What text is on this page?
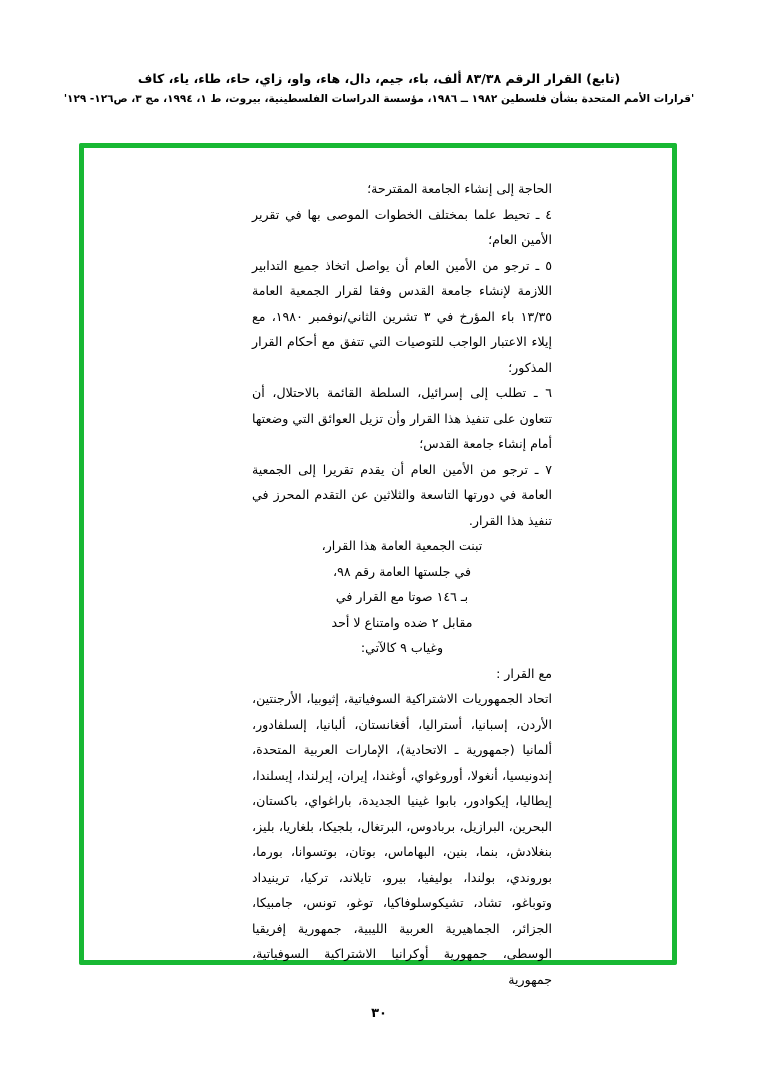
(تابع) القرار الرقم ٨٣/٣٨ ألف، باء، جيم، دال، هاء، واو، زاي، حاء، طاء، ياء، كاف
'قرارات الأمم المتحدة بشأن فلسطين ١٩٨٢ ــ ١٩٨٦، مؤسسة الدراسات الفلسطينية، بيروت، ط ١، ١٩٩٤، مج ٣، ص١٢٦- ١٢٩'

الحاجة إلى إنشاء الجامعة المقترحة؛

٤ ـ تحيط علما بمختلف الخطوات الموصى بها في تقرير الأمين العام؛

٥ ـ ترجو من الأمين العام أن يواصل اتخاذ جميع التدابير اللازمة لإنشاء جامعة القدس وفقا لقرار الجمعية العامة ١٣/٣٥ باء المؤرخ في ٣ تشرين الثاني/نوفمبر ١٩٨٠، مع إيلاء الاعتبار الواجب للتوصيات التي تتفق مع أحكام القرار المذكور؛

٦ ـ تطلب إلى إسرائيل، السلطة القائمة بالاحتلال، أن تتعاون على تنفيذ هذا القرار وأن تزيل العوائق التي وضعتها أمام إنشاء جامعة القدس؛

٧ ـ ترجو من الأمين العام أن يقدم تقريرا إلى الجمعية العامة في دورتها التاسعة والثلاثين عن التقدم المحرز في تنفيذ هذا القرار.

تبنت الجمعية العامة هذا القرار،

في جلستها العامة رقم ٩٨،

بـ ١٤٦ صوتا مع القرار في

مقابل ٢ ضده وامتناع لا أحد

وغياب ٩ كالآتي:

مع القرار :

اتحاد الجمهوريات الاشتراكية السوفياتية، إثيوبيا، الأرجنتين، الأردن، إسبانيا، أستراليا، أفغانستان، ألبانيا، إلسلفادور، ألمانيا (جمهورية ـ الاتحادية)، الإمارات العربية المتحدة، إندونيسيا، أنغولا، أوروغواي، أوغندا، إيران، إيرلندا، إيسلندا، إيطاليا، إيكوادور، بابوا غينيا الجديدة، باراغواي، باكستان، البحرين، البرازيل، بربادوس، البرتغال، بلجيكا، بلغاريا، بليز، بنغلادش، بنما، بنين، البهاماس، بوتان، بوتسوانا، بورما، بوروندي، بولندا، بوليفيا، بيرو، تايلاند، تركيا، ترينيداد وتوباغو، تشاد، تشيكوسلوفاكيا، توغو، تونس، جامبيكا، الجزائر، الجماهيرية العربية الليبية، جمهورية إفريقيا الوسطى، جمهورية أوكرانيا الاشتراكية السوفياتية، جمهورية

٣٠
